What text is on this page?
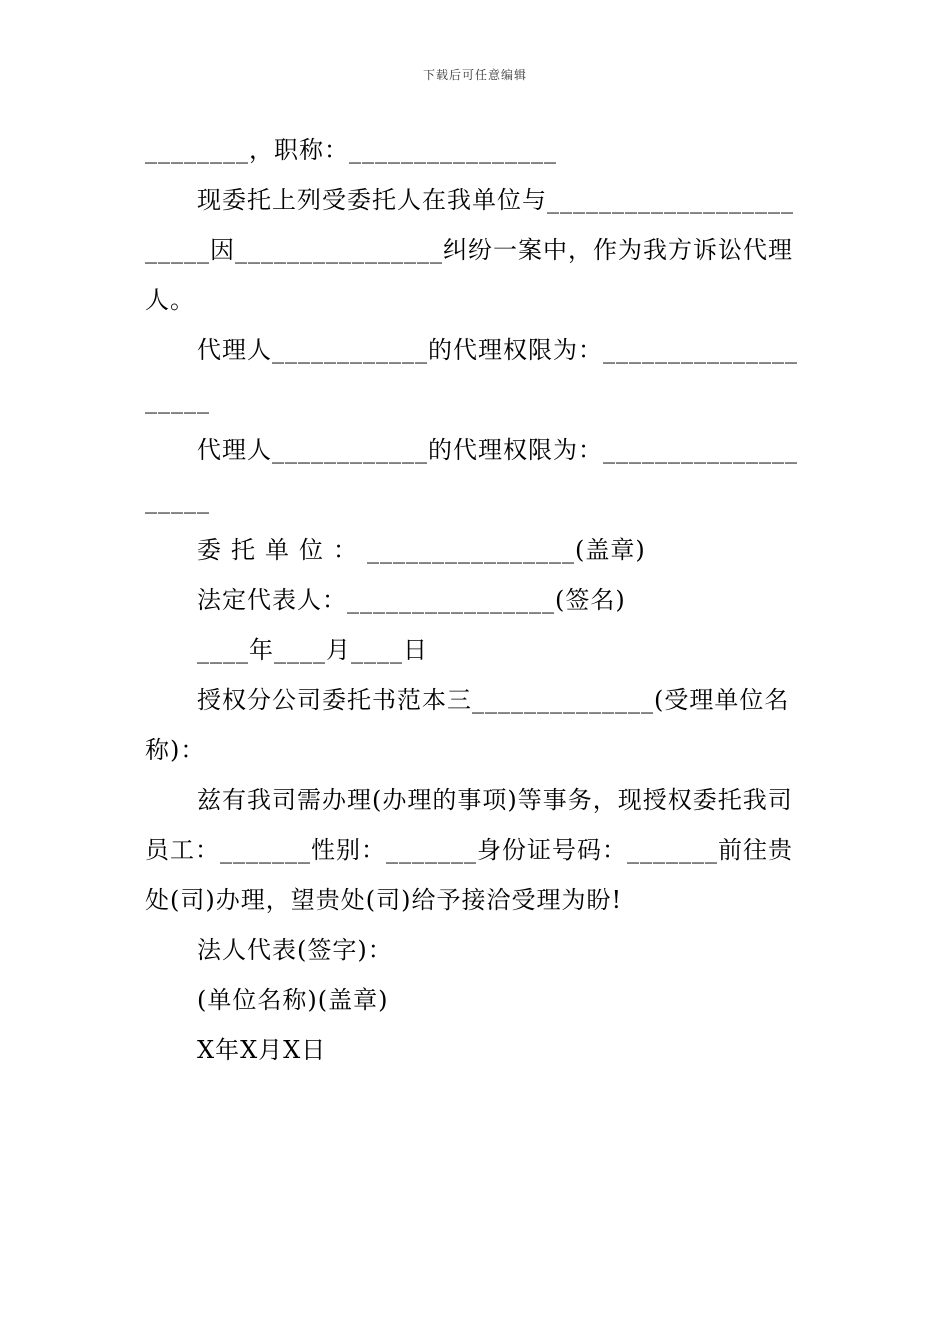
下载后可任意编辑

________，职称：________________

现委托上列受委托人在我单位与___________________ _____因________________纠纷一案中，作为我方诉讼代理人。

代理人____________的代理权限为：_______________ _____

代理人____________的代理权限为：_______________ _____

委托单位：________________(盖章)

法定代表人：________________(签名)

____年____月____日

授权分公司委托书范本三______________(受理单位名称)：

兹有我司需办理(办理的事项)等事务，现授权委托我司员工：_______性别：_______身份证号码：_______前往贵处(司)办理，望贵处(司)给予接洽受理为盼!

法人代表(签字)：

(单位名称)(盖章)

X年X月X日
